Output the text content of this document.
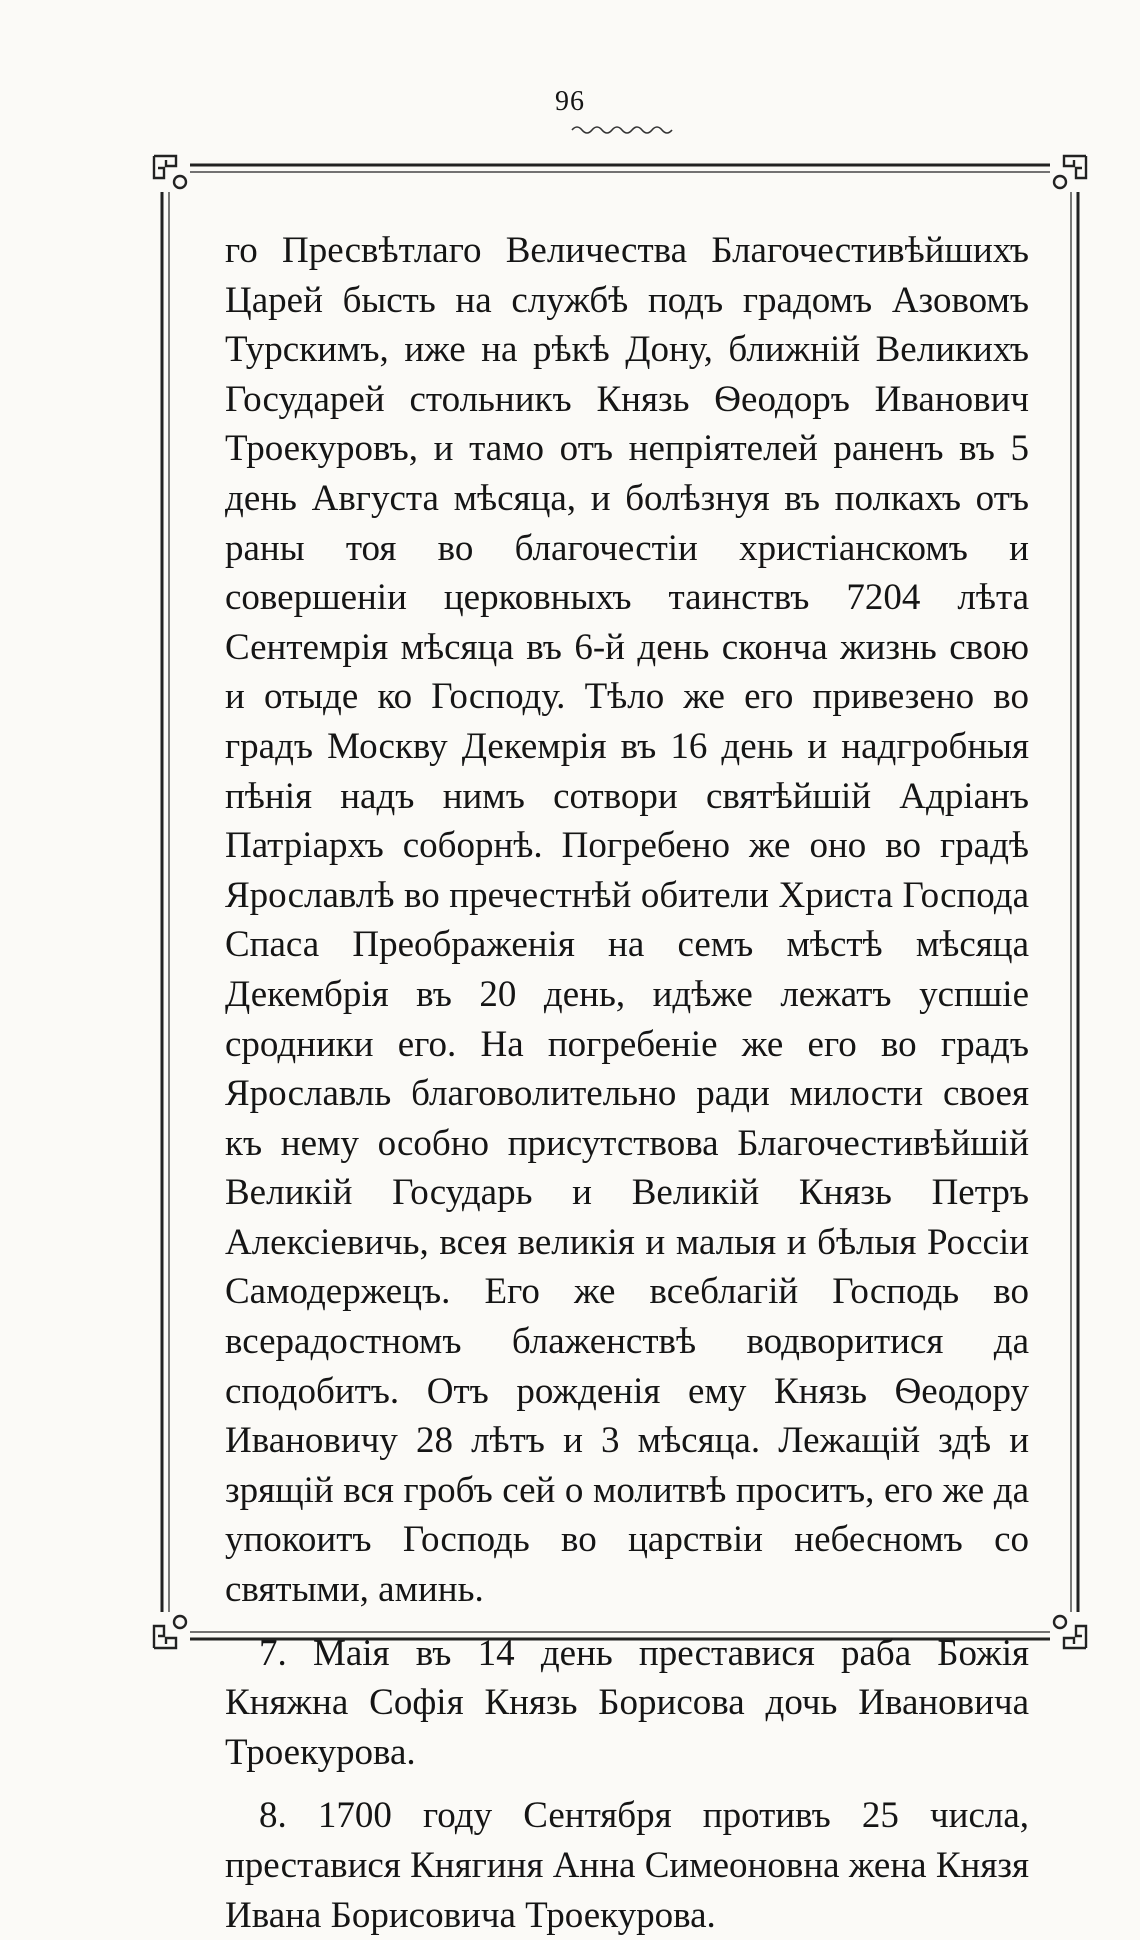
96

го Пресвѣтлаго Величества Благочестивѣйшихъ Царей бысть на службѣ подъ градомъ Азовомъ Турскимъ, иже на рѣкѣ Дону, ближнiй Великихъ Государей стольникъ Князь Ѳеодоръ Иванович Троекуровъ, и тамо отъ непрiятелей раненъ въ 5 день Августа мѣсяца, и болѣзнуя въ полкахъ отъ раны тоя во благочестiи христiанскомъ и совершенiи церковныхъ таинствъ 7204 лѣта Сентемрiя мѣсяца въ 6-й день сконча жизнь свою и отыде ко Господу. Тѣло же его привезено во градъ Москву Декемрiя въ 16 день и надгробныя пѣнiя надъ нимъ сотвори святѣйшiй Адрiанъ Патрiархъ соборнѣ. Погребено же оно во градѣ Ярославлѣ во пречестнѣй обители Христа Господа Спаса Преображенiя на семъ мѣстѣ мѣсяца Декембрiя въ 20 день, идѣже лежатъ успшiе сродники его. На погребенiе же его во градъ Ярославль благоволительно ради милости своея къ нему особно присутствова Благочестивѣйшiй Великiй Государь и Великiй Князь Петръ Алексiевичь, всея великiя и малыя и бѣлыя Россiи Самодержецъ. Его же всеблагiй Господь во всерадостномъ блаженствѣ водворитися да сподобитъ. Отъ рожденiя ему Князь Ѳеодору Ивановичу 28 лѣтъ и 3 мѣсяца. Лежащiй здѣ и зрящiй вся гробъ сей о молитвѣ проситъ, его же да упокоитъ Господь во царствiи небесномъ со святыми, аминь.

7. Маiя въ 14 день преставися раба Божiя Княжна Софiя Князь Борисова дочь Ивановича Троекурова.

8. 1700 году Сентября противъ 25 числа, преставися Княгиня Анна Симеоновна жена Князя Ивана Борисовича Троекурова.
